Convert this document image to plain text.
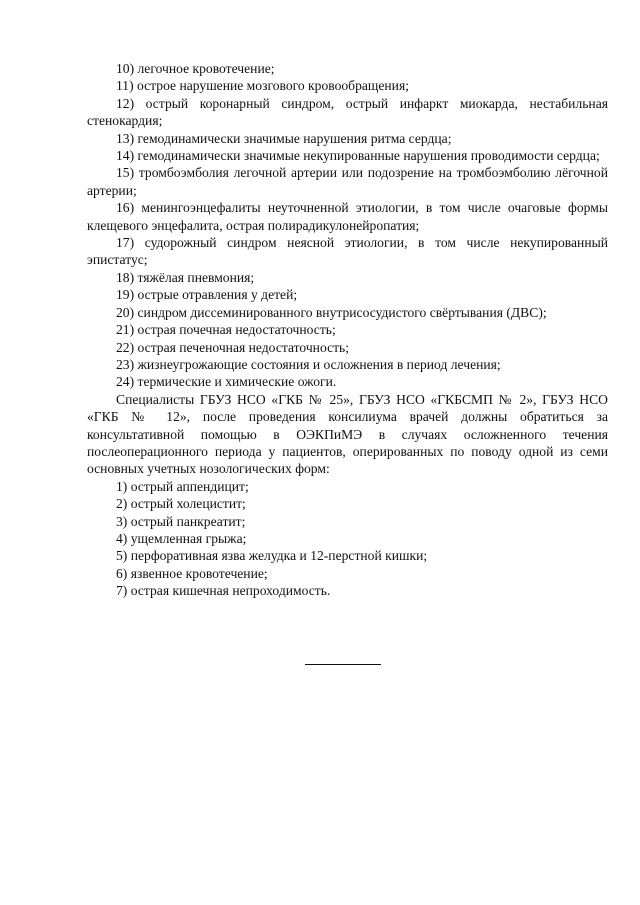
10) легочное кровотечение;

11) острое нарушение мозгового кровообращения;

12) острый коронарный синдром, острый инфаркт миокарда, нестабильная стенокардия;

13) гемодинамически значимые нарушения ритма сердца;

14) гемодинамически значимые некупированные нарушения проводимости сердца;

15) тромбоэмболия легочной артерии или подозрение на тромбоэмболию лёгочной артерии;

16) менингоэнцефалиты неуточненной этиологии, в том числе очаговые формы клещевого энцефалита, острая полирадикулонейропатия;

17) судорожный синдром неясной этиологии, в том числе некупированный эпистатус;

18) тяжёлая пневмония;

19) острые отравления у детей;

20) синдром диссеминированного внутрисосудистого свёртывания (ДВС);

21) острая почечная недостаточность;

22) острая печеночная недостаточность;

23) жизнеугрожающие состояния и осложнения в период лечения;

24) термические и химические ожоги.

Специалисты ГБУЗ НСО «ГКБ № 25», ГБУЗ НСО «ГКБСМП № 2», ГБУЗ НСО «ГКБ № 12», после проведения консилиума врачей должны обратиться за консультативной помощью в ОЭКПиМЭ в случаях осложненного течения послеоперационного периода у пациентов, оперированных по поводу одной из семи основных учетных нозологических форм:

1) острый аппендицит;

2) острый холецистит;

3) острый панкреатит;

4) ущемленная грыжа;

5) перфоративная язва желудка и 12-перстной кишки;

6) язвенное кровотечение;

7) острая кишечная непроходимость.
